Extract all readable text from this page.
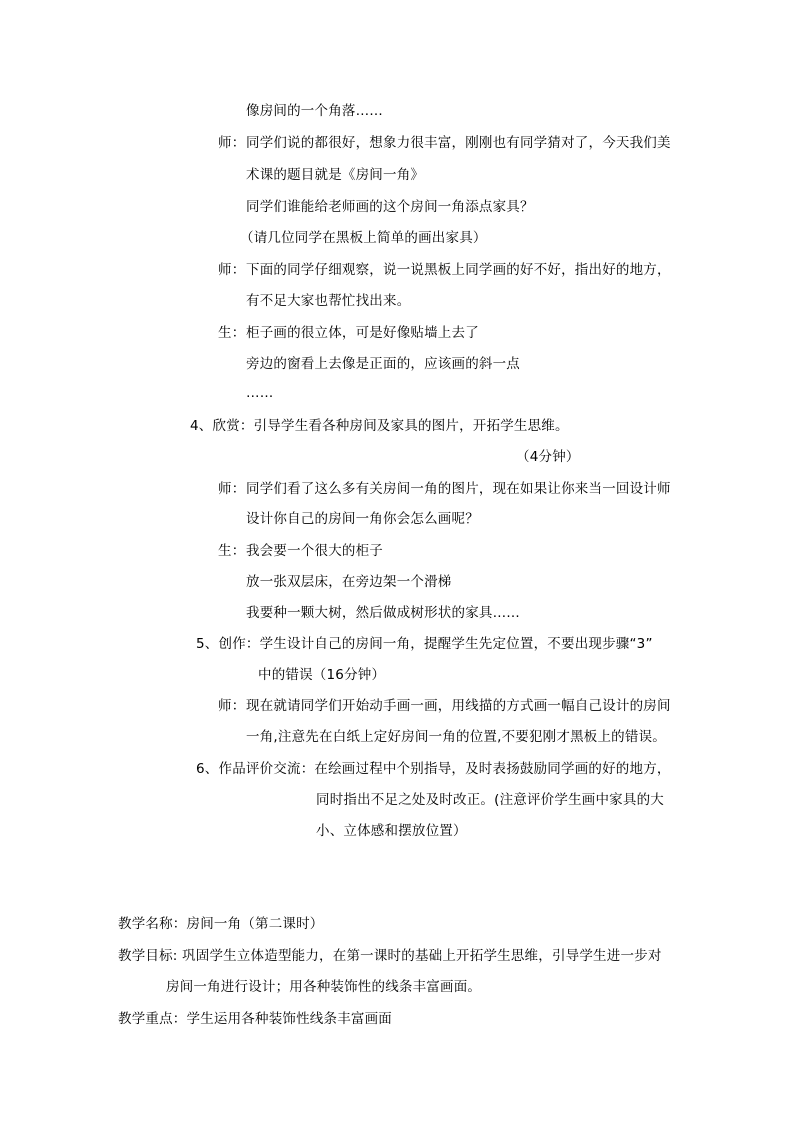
像房间的一个角落……
师： 同学们说的都很好，想象力很丰富，刚刚也有同学猜对了，今天我们美
术课的题目就是《房间一角》
同学们谁能给老师画的这个房间一角添点家具？
（请几位同学在黑板上简单的画出家具）
师： 下面的同学仔细观察，说一说黑板上同学画的好不好，指出好的地方，
有不足大家也帮忙找出来。
生： 柜子画的很立体，可是好像贴墙上去了
旁边的窗看上去像是正面的，应该画的斜一点
……
4、欣赏：引导学生看各种房间及家具的图片，开拓学生思维。
（4分钟）
师： 同学们看了这么多有关房间一角的图片，现在如果让你来当一回设计师
设计你自己的房间一角你会怎么画呢？
生： 我会要一个很大的柜子
放一张双层床，在旁边架一个滑梯
我要种一颗大树，然后做成树形状的家具……
5、创作：学生设计自己的房间一角，提醒学生先定位置，不要出现步骤“3”
中的错误（16分钟）
师： 现在就请同学们开始动手画一画，用线描的方式画一幅自己设计的房间
一角,注意先在白纸上定好房间一角的位置,不要犯刚才黑板上的错误。
6、作品评价交流：在绘画过程中个别指导，及时表扬鼓励同学画的好的地方，
同时指出不足之处及时改正。(注意评价学生画中家具的大
小、立体感和摆放位置）
教学名称：房间一角（第二课时）
教学目标: 巩固学生立体造型能力，在第一课时的基础上开拓学生思维，引导学生进一步对
房间一角进行设计；用各种装饰性的线条丰富画面。
教学重点：学生运用各种装饰性线条丰富画面
